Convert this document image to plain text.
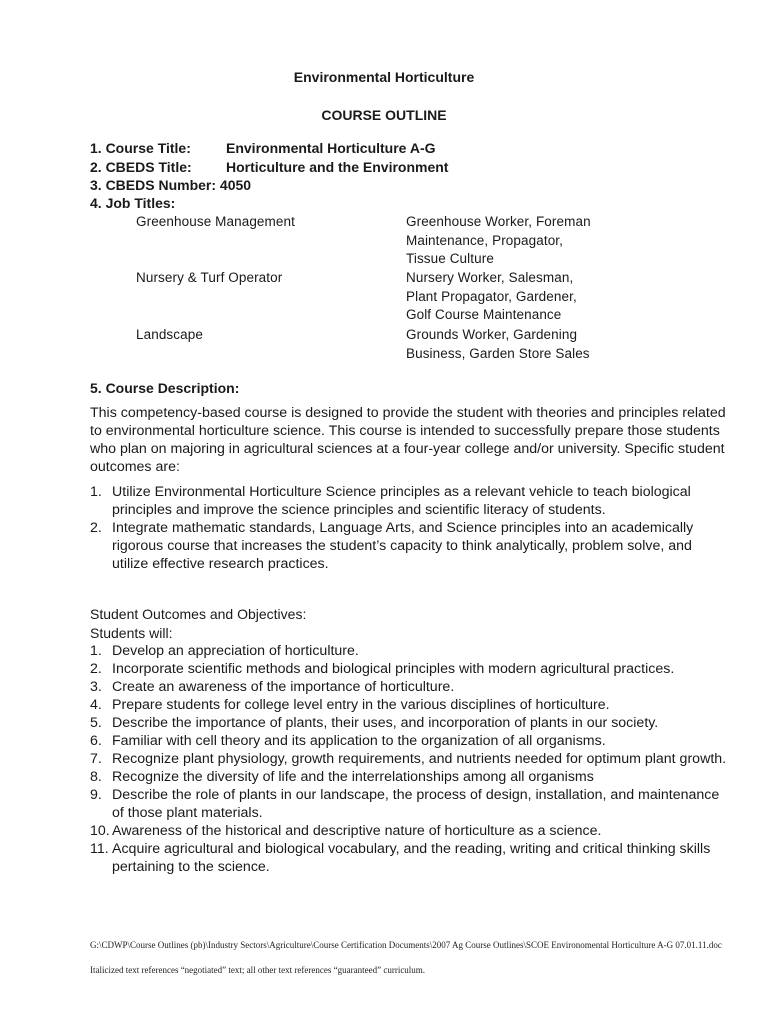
Environmental Horticulture
COURSE OUTLINE
1. Course Title:	Environmental Horticulture A-G
2. CBEDS Title: Horticulture and the Environment
3. CBEDS Number: 4050
4. Job Titles:
Greenhouse Management	Greenhouse Worker, Foreman
Maintenance, Propagator,
Tissue Culture
Nursery & Turf Operator	Nursery Worker, Salesman,
Plant Propagator, Gardener,
Golf Course Maintenance
Landscape	Grounds Worker, Gardening
Business, Garden Store Sales
5. Course Description:
This competency-based course is designed to provide the student with theories and principles related to environmental horticulture science. This course is intended to successfully prepare those students who plan on majoring in agricultural sciences at a four-year college and/or university. Specific student outcomes are:
1. Utilize Environmental Horticulture Science principles as a relevant vehicle to teach biological principles and improve the science principles and scientific literacy of students.
2. Integrate mathematic standards, Language Arts, and Science principles into an academically rigorous course that increases the student’s capacity to think analytically, problem solve, and utilize effective research practices.
Student Outcomes and Objectives:
Students will:
1. Develop an appreciation of horticulture.
2. Incorporate scientific methods and biological principles with modern agricultural practices.
3. Create an awareness of the importance of horticulture.
4. Prepare students for college level entry in the various disciplines of horticulture.
5. Describe the importance of plants, their uses, and incorporation of plants in our society.
6. Familiar with cell theory and its application to the organization of all organisms.
7. Recognize plant physiology, growth requirements, and nutrients needed for optimum plant growth.
8. Recognize the diversity of life and the interrelationships among all organisms
9. Describe the role of plants in our landscape, the process of design, installation, and maintenance of those plant materials.
10. Awareness of the historical and descriptive nature of horticulture as a science.
11. Acquire agricultural and biological vocabulary, and the reading, writing and critical thinking skills pertaining to the science.
G:\CDWP\Course Outlines (pb)\Industry Sectors\Agriculture\Course Certification Documents\2007 Ag Course Outlines\SCOE Environomental Horticulture A-G 07.01.11.doc
Italicized text references “negotiated” text; all other text references “guaranteed” curriculum.
